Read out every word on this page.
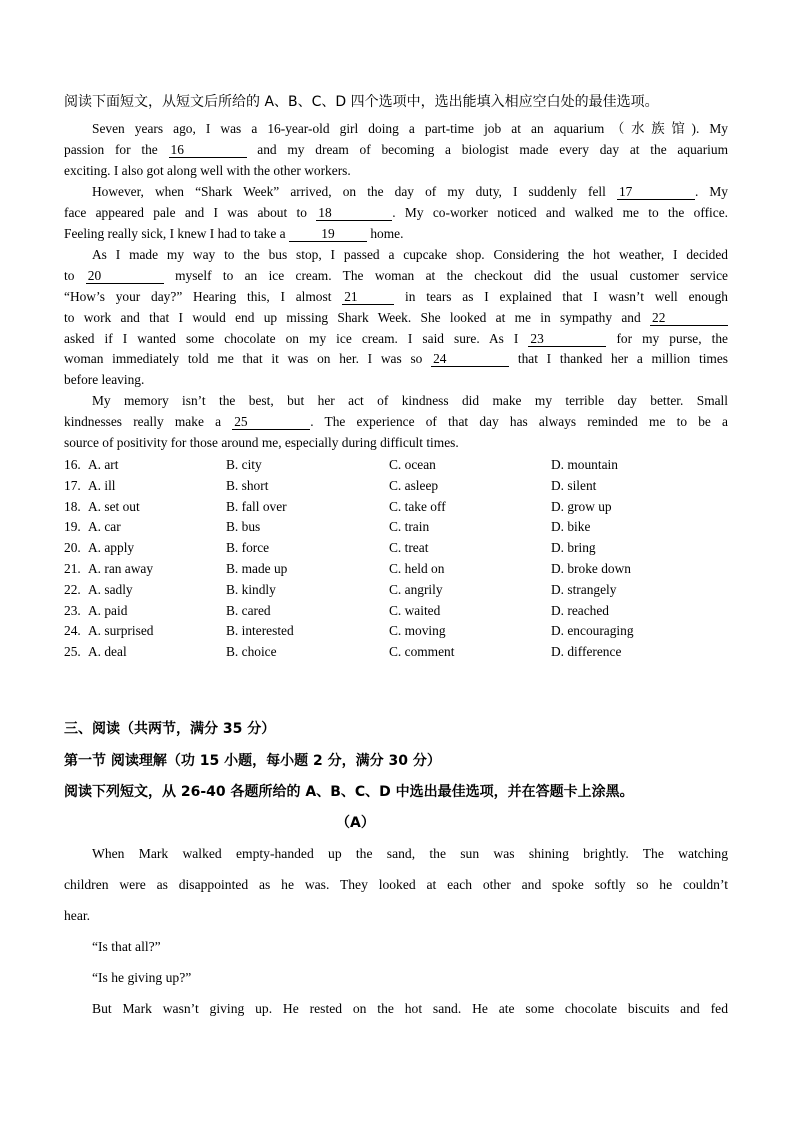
阅读下面短文，从短文后所给的 A、B、C、D 四个选项中，选出能填入相应空白处的最佳选项。
Seven years ago, I was a 16-year-old girl doing a part-time job at an aquarium（水族馆). My
passion for the 16	and my dream of becoming a biologist made every day at the aquarium
exciting. I also got along well with the other workers.
However, when “Shark Week” arrived, on the day of my duty, I suddenly fell 17	. My
face appeared pale and I was about to 18	. My co-worker noticed and walked me to the office.
Feeling really sick, I knew I had to take a 19 home.
As I made my way to the bus stop, I passed a cupcake shop. Considering the hot weather, I decided
to 20	myself to an ice cream. The woman at the checkout did the usual customer service
“How’s your day?” Hearing this, I almost 21	in tears as I explained that I wasn’t well enough
to work and that I would end up missing Shark Week. She looked at me in sympathy and 22
asked if I wanted some chocolate on my ice cream. I said sure. As I 23	for my purse, the
woman immediately told me that it was on her. I was so 24	that I thanked her a million times
before leaving.
My memory isn’t the best, but her act of kindness did make my terrible day better. Small
kindnesses really make a 25	. The experience of that day has always reminded me to be a
source of positivity for those around me, especially during difficult times.
16. A. art	B. city	C. ocean	D. mountain
17. A. ill	B. short	C. asleep	D. silent
18. A. set out	B. fall over	C. take off	D. grow up
19. A. car	B. bus	C. train	D. bike
20. A. apply	B. force	C. treat	D. bring
21. A. ran away	B. made up	C. held on	D. broke down
22. A. sadly	B. kindly	C. angrily	D. strangely
23. A. paid	B. cared	C. waited	D. reached
24. A. surprised	B. interested	C. moving	D. encouraging
25. A. deal	B. choice	C. comment	D. difference
三、阅读（共两节，满分 35 分）
第一节 阅读理解（功 15 小题，每小题 2 分，满分 30 分）
阅读下列短文，从 26-40 各题所给的 A、B、C、D 中选出最佳选项，并在答题卡上涂黑。
（A）
When Mark walked empty-handed up the sand, the sun was shining brightly. The watching
children were as disappointed as he was. They looked at each other and spoke softly so he couldn’t
hear.
“Is that all?”
“Is he giving up?”
But Mark wasn’t giving up. He rested on the hot sand. He ate some chocolate biscuits and fed
